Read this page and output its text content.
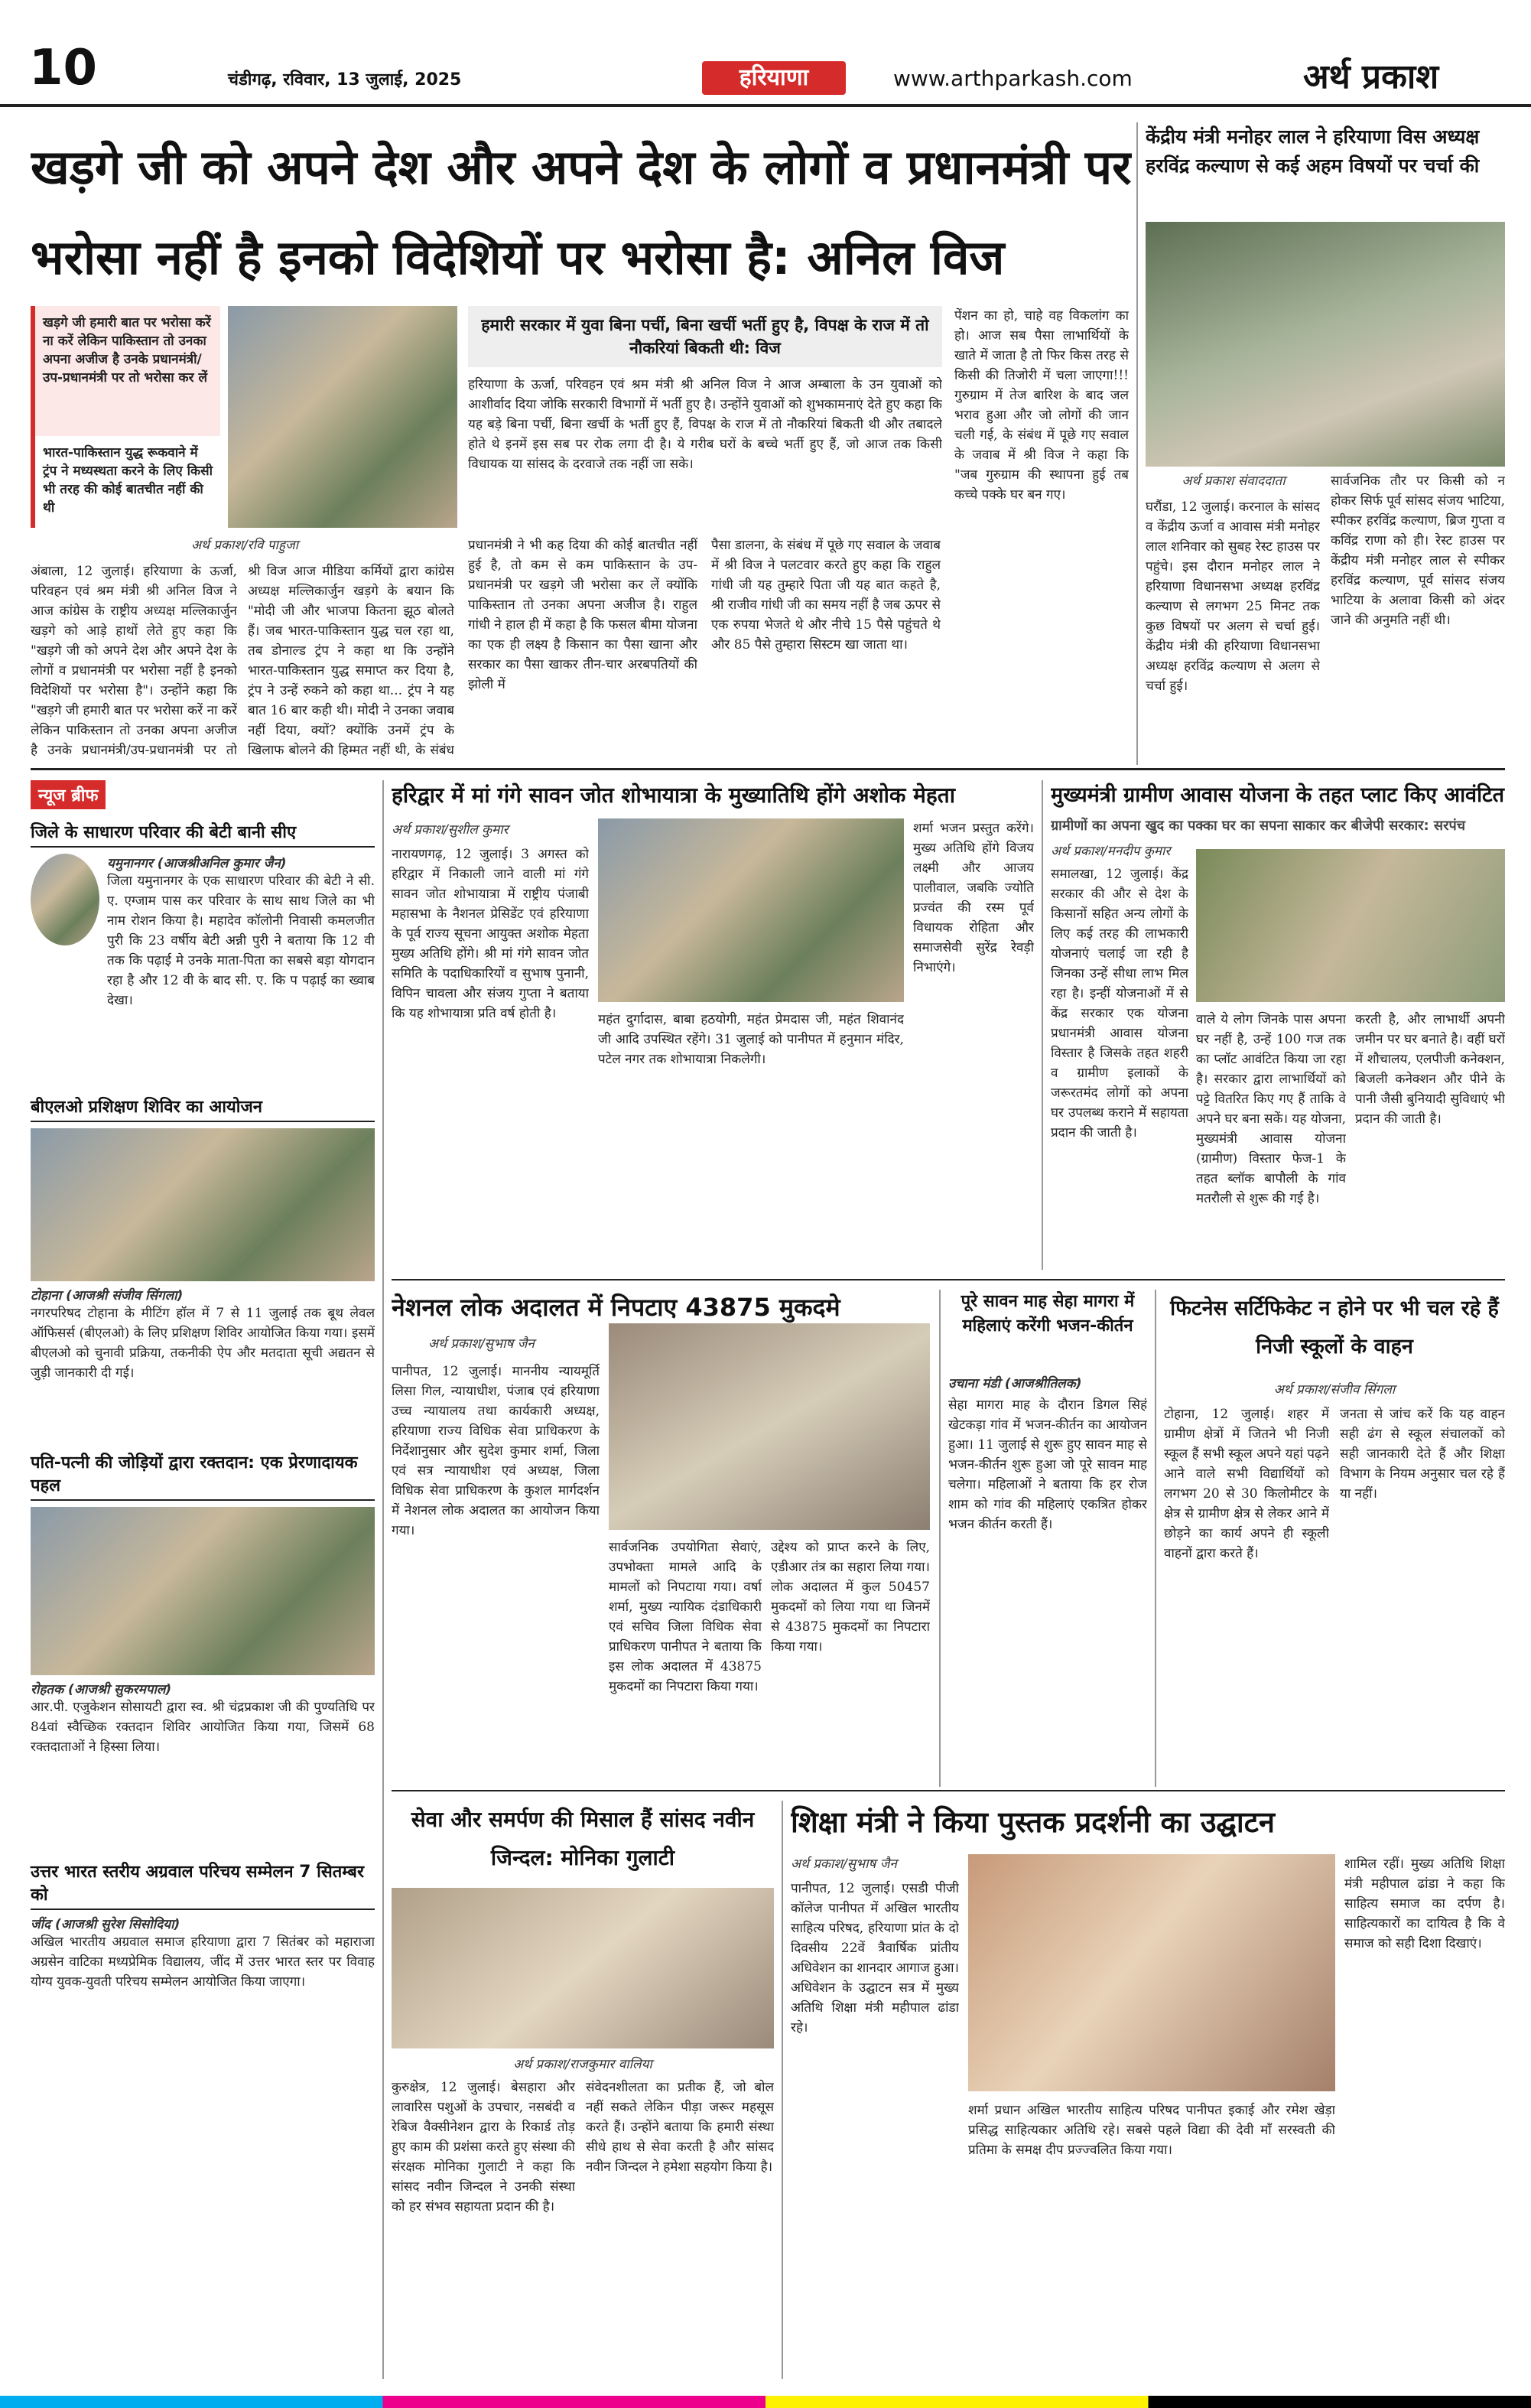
10	चंडीगढ़, रविवार, 13 जुलाई, 2025	हरियाणा	www.arthparkash.com	अर्थ प्रकाश
खड़गे जी को अपने देश और अपने देश के लोगों व प्रधानमंत्री पर भरोसा नहीं है इनको विदेशियों पर भरोसा है: अनिल विज
खड़गे जी हमारी बात पर भरोसा करें ना करें लेकिन पाकिस्तान तो उनका अपना अजीज है उनके प्रधानमंत्री/उप-प्रधानमंत्री पर तो भरोसा कर लें
भारत-पाकिस्तान युद्ध रूकवाने में ट्रंप ने मध्यस्थता करने के लिए किसी भी तरह की कोई बातचीत नहीं की थी
अर्थ प्रकाश/रवि पाहुजा
हमारी सरकार में युवा बिना पर्ची, बिना खर्ची भर्ती हुए है, विपक्ष के राज में तो नौकरियां बिकती थी: विज
हरियाणा के ऊर्जा, परिवहन एवं श्रम मंत्री श्री अनिल विज ने आज अम्बाला के उन युवाओं को आशीर्वाद दिया जोकि सरकारी विभागों में भर्ती हुए है। उन्होंने युवाओं को शुभकामनाएं देते हुए कहा कि यह बड़े बिना पर्ची, बिना खर्ची के भर्ती हुए हैं, विपक्ष के राज में तो नौकरियां बिकती थी और तबादले होते थे इनमें इस सब पर रोक लगा दी है। ये गरीब घरों के बच्चे भर्ती हुए हैं, जो आज तक किसी विधायक या सांसद के दरवाजे तक नहीं जा सके।
अंबाला, 12 जुलाई। हरियाणा के ऊर्जा, परिवहन एवं श्रम मंत्री श्री अनिल विज ने आज कांग्रेस के राष्ट्रीय अध्यक्ष मल्लिकार्जुन खड़गे को आड़े हाथों लेते हुए कहा कि "खड़गे जी को अपने देश और अपने देश के लोगों व प्रधानमंत्री पर भरोसा नहीं है इनको विदेशियों पर भरोसा है"। उन्होंने कहा कि "खड़गे जी हमारी बात पर भरोसा करें ना करें लेकिन पाकिस्तान तो उनका अपना अजीज है उनके प्रधानमंत्री/उप-प्रधानमंत्री पर तो
श्री विज आज मीडिया कर्मियों द्वारा कांग्रेस अध्यक्ष मल्लिकार्जुन खड़गे के बयान कि "मोदी जी और भाजपा कितना झूठ बोलते हैं। जब भारत-पाकिस्तान युद्ध चल रहा था, तब डोनाल्ड ट्रंप ने कहा था कि उन्होंने भारत-पाकिस्तान युद्ध समाप्त कर दिया है, ट्रंप ने उन्हें रुकने को कहा था... ट्रंप ने यह बात 16 बार कही थी। मोदी ने उनका जवाब नहीं दिया, क्यों? क्योंकि उनमें ट्रंप के खिलाफ बोलने की हिम्मत नहीं थी, के संबंध
प्रधानमंत्री ने भी कह दिया की कोई बातचीत नहीं हुई है, तो कम से कम पाकिस्तान के उप-प्रधानमंत्री पर खड़गे जी भरोसा कर लें क्योंकि पाकिस्तान तो उनका अपना अजीज है। राहुल गांधी ने हाल ही में कहा है कि फसल बीमा योजना का एक ही लक्ष्य है किसान का पैसा खाना और सरकार का पैसा खाकर तीन-चार अरबपतियों की झोली में
पैसा डालना, के संबंध में पूछे गए सवाल के जवाब में श्री विज ने पलटवार करते हुए कहा कि राहुल गांधी जी यह तुम्हारे पिता जी यह बात कहते है, श्री राजीव गांधी जी का समय नहीं है जब ऊपर से एक रुपया भेजते थे और नीचे 15 पैसे पहुंचते थे और 85 पैसे तुम्हारा सिस्टम खा जाता था।
पेंशन का हो, चाहे वह विकलांग का हो। आज सब पैसा लाभार्थियों के खाते में जाता है तो फिर किस तरह से किसी की तिजोरी में चला जाएगा!!! गुरुग्राम में तेज बारिश के बाद जल भराव हुआ और जो लोगों की जान चली गई, के संबंध में पूछे गए सवाल के जवाब में श्री विज ने कहा कि "जब गुरुग्राम की स्थापना हुई तब कच्चे पक्के घर बन गए।
केंद्रीय मंत्री मनोहर लाल ने हरियाणा विस अध्यक्ष हरविंद्र कल्याण से कई अहम विषयों पर चर्चा की
अर्थ प्रकाश संवाददाता
घरौंडा, 12 जुलाई। करनाल के सांसद व केंद्रीय ऊर्जा व आवास मंत्री मनोहर लाल शनिवार को सुबह रेस्ट हाउस पर पहुंचे। इस दौरान मनोहर लाल ने हरियाणा विधानसभा अध्यक्ष हरविंद्र कल्याण से लगभग 25 मिनट तक कुछ विषयों पर अलग से चर्चा हुई। केंद्रीय मंत्री की हरियाणा विधानसभा अध्यक्ष हरविंद्र कल्याण से अलग से चर्चा हुई।
सार्वजनिक तौर पर किसी को न होकर सिर्फ पूर्व सांसद संजय भाटिया, स्पीकर हरविंद्र कल्याण, ब्रिज गुप्ता व कविंद्र राणा को ही। रेस्ट हाउस पर केंद्रीय मंत्री मनोहर लाल से स्पीकर हरविंद्र कल्याण, पूर्व सांसद संजय भाटिया के अलावा किसी को अंदर जाने की अनुमति नहीं थी।
न्यूज ब्रीफ
जिले के साधारण परिवार की बेटी बानी सीए
यमुनानगर (आजश्रीअनिल कुमार जैन)
जिला यमुनानगर के एक साधारण परिवार की बेटी ने सी. ए. एग्जाम पास कर परिवार के साथ साथ जिले का भी नाम रोशन किया है। महादेव कॉलोनी निवासी कमलजीत पुरी कि 23 वर्षीय बेटी अन्नी पुरी ने बताया कि 12 वी तक कि पढ़ाई मे उनके माता-पिता का सबसे बड़ा योगदान रहा है और 12 वी के बाद सी. ए. कि प पढ़ाई का ख्वाब देखा।
बीएलओ प्रशिक्षण शिविर का आयोजन
टोहाना (आजश्री संजीव सिंगला)
नगरपरिषद टोहाना के मीटिंग हॉल में 7 से 11 जुलाई तक बूथ लेवल ऑफिसर्स (बीएलओ) के लिए प्रशिक्षण शिविर आयोजित किया गया। इसमें बीएलओ को चुनावी प्रक्रिया, तकनीकी ऐप और मतदाता सूची अद्यतन से जुड़ी जानकारी दी गई।
पति-पत्नी की जोड़ियों द्वारा रक्तदान: एक प्रेरणादायक पहल
रोहतक (आजश्री सुकरमपाल)
आर.पी. एजुकेशन सोसायटी द्वारा स्व. श्री चंद्रप्रकाश जी की पुण्यतिथि पर 84वां स्वैच्छिक रक्तदान शिविर आयोजित किया गया, जिसमें 68 रक्तदाताओं ने हिस्सा लिया।
उत्तर भारत स्तरीय अग्रवाल परिचय सम्मेलन 7 सितम्बर को
जींद (आजश्री सुरेश सिसोदिया)
अखिल भारतीय अग्रवाल समाज हरियाणा द्वारा 7 सितंबर को महाराजा अग्रसेन वाटिका मध्यप्रेमिक विद्यालय, जींद में उत्तर भारत स्तर पर विवाह योग्य युवक-युवती परिचय सम्मेलन आयोजित किया जाएगा।
हरिद्वार में मां गंगे सावन जोत शोभायात्रा के मुख्यातिथि होंगे अशोक मेहता
अर्थ प्रकाश/सुशील कुमार
नारायणगढ़, 12 जुलाई। 3 अगस्त को हरिद्वार में निकाली जाने वाली मां गंगे सावन जोत शोभायात्रा में राष्ट्रीय पंजाबी महासभा के नैशनल प्रेसिडेंट एवं हरियाणा के पूर्व राज्य सूचना आयुक्त अशोक मेहता मुख्य अतिथि होंगे। श्री मां गंगे सावन जोत समिति के पदाधिकारियों व सुभाष पुनानी, विपिन चावला और संजय गुप्ता ने बताया कि यह शोभायात्रा प्रति वर्ष होती है।	महंत दुर्गादास, बाबा हठयोगी, महंत प्रेमदास जी, महंत शिवानंद जी आदि उपस्थित रहेंगे। 31 जुलाई को पानीपत में हनुमान मंदिर, पटेल नगर तक शोभायात्रा निकलेगी।
शर्मा भजन प्रस्तुत करेंगे। मुख्य अतिथि होंगे विजय लक्ष्मी और आजय पालीवाल, जबकि ज्योति प्रज्वंत की रस्म पूर्व विधायक रोहिता और समाजसेवी सुरेंद्र रेवड़ी निभाएंगे।
मुख्यमंत्री ग्रामीण आवास योजना के तहत प्लाट किए आवंटित
ग्रामीणों का अपना खुद का पक्का घर का सपना साकार कर बीजेपी सरकार: सरपंच
अर्थ प्रकाश/मनदीप कुमार
समालखा, 12 जुलाई। केंद्र सरकार की और से देश के किसानों सहित अन्य लोगों के लिए कई तरह की लाभकारी योजनाएं चलाई जा रही है जिनका उन्हें सीधा लाभ मिल रहा है। इन्हीं योजनाओं में से केंद्र सरकार एक योजना प्रधानमंत्री आवास योजना विस्तार है जिसके तहत शहरी व ग्रामीण इलाकों के जरूरतमंद लोगों को अपना घर उपलब्ध कराने में सहायता प्रदान की जाती है।
वाले ये लोग जिनके पास अपना घर नहीं है, उन्हें 100 गज तक का प्लॉट आवंटित किया जा रहा है। सरकार द्वारा लाभार्थियों को पट्टे वितरित किए गए हैं ताकि वे अपने घर बना सकें। यह योजना, मुख्यमंत्री आवास योजना (ग्रामीण) विस्तार फेज-1 के तहत ब्लॉक बापौली के गांव मतरौली से शुरू की गई है।
करती है, और लाभार्थी अपनी जमीन पर घर बनाते है। वहीं घरों में शौचालय, एलपीजी कनेक्शन, बिजली कनेक्शन और पीने के पानी जैसी बुनियादी सुविधाएं भी प्रदान की जाती है।
नेशनल लोक अदालत में निपटाए 43875 मुकदमे
अर्थ प्रकाश/सुभाष जैन
पानीपत, 12 जुलाई। माननीय न्यायमूर्ति लिसा गिल, न्यायाधीश, पंजाब एवं हरियाणा उच्च न्यायालय तथा कार्यकारी अध्यक्ष, हरियाणा राज्य विधिक सेवा प्राधिकरण के निर्देशानुसार और सुदेश कुमार शर्मा, जिला एवं सत्र न्यायाधीश एवं अध्यक्ष, जिला विधिक सेवा प्राधिकरण के कुशल मार्गदर्शन में नेशनल लोक अदालत का आयोजन किया गया।
सार्वजनिक उपयोगिता सेवाएं, उपभोक्ता मामले आदि के मामलों को निपटाया गया। वर्षा शर्मा, मुख्य न्यायिक दंडाधिकारी एवं सचिव जिला विधिक सेवा प्राधिकरण पानीपत ने बताया कि इस लोक अदालत में 43875 मुकदमों का निपटारा किया गया।
उद्देश्य को प्राप्त करने के लिए, एडीआर तंत्र का सहारा लिया गया। लोक अदालत में कुल 50457 मुकदमों को लिया गया था जिनमें से 43875 मुकदमों का निपटारा किया गया।
पूरे सावन माह सेहा मागरा में महिलाएं करेंगी भजन-कीर्तन
उचाना मंडी (आजश्रीतिलक)
सेहा मागरा माह के दौरान डिगल सिहं खेटकड़ा गांव में भजन-कीर्तन का आयोजन हुआ। 11 जुलाई से शुरू हुए सावन माह से भजन-कीर्तन शुरू हुआ जो पूरे सावन माह चलेगा। महिलाओं ने बताया कि हर रोज शाम को गांव की महिलाएं एकत्रित होकर भजन कीर्तन करती हैं।
फिटनेस सर्टिफिकेट न होने पर भी चल रहे हैं निजी स्कूलों के वाहन
अर्थ प्रकाश/संजीव सिंगला
टोहाना, 12 जुलाई। शहर में ग्रामीण क्षेत्रों में जितने भी निजी स्कूल हैं सभी स्कूल अपने यहां पढ़ने आने वाले सभी विद्यार्थियों को लगभग 20 से 30 किलोमीटर के क्षेत्र से ग्रामीण क्षेत्र से लेकर आने में छोड़ने का कार्य अपने ही स्कूली वाहनों द्वारा करते हैं।
जनता से जांच करें कि यह वाहन सही ढंग से स्कूल संचालकों को सही जानकारी देते हैं और शिक्षा विभाग के नियम अनुसार चल रहे हैं या नहीं।
सेवा और समर्पण की मिसाल हैं सांसद नवीन जिन्दल: मोनिका गुलाटी
अर्थ प्रकाश/राजकुमार वालिया
कुरुक्षेत्र, 12 जुलाई। बेसहारा और लावारिस पशुओं के उपचार, नसबंदी व रेबिज वैक्सीनेशन द्वारा के रिकार्ड तोड़ हुए काम की प्रशंसा करते हुए संस्था की संरक्षक मोनिका गुलाटी ने कहा कि सांसद नवीन जिन्दल ने उनकी संस्था को हर संभव सहायता प्रदान की है।
संवेदनशीलता का प्रतीक हैं, जो बोल नहीं सकते लेकिन पीड़ा जरूर महसूस करते हैं। उन्होंने बताया कि हमारी संस्था सीधे हाथ से सेवा करती है और सांसद नवीन जिन्दल ने हमेशा सहयोग किया है।
शिक्षा मंत्री ने किया पुस्तक प्रदर्शनी का उद्घाटन
अर्थ प्रकाश/सुभाष जैन
पानीपत, 12 जुलाई। एसडी पीजी कॉलेज पानीपत में अखिल भारतीय साहित्य परिषद, हरियाणा प्रांत के दो दिवसीय 22वें त्रैवार्षिक प्रांतीय अधिवेशन का शानदार आगाज हुआ। अधिवेशन के उद्घाटन सत्र में मुख्य अतिथि शिक्षा मंत्री महीपाल ढांडा रहे।
शर्मा प्रधान अखिल भारतीय साहित्य परिषद पानीपत इकाई और रमेश खेड़ा प्रसिद्ध साहित्यकार अतिथि रहे। सबसे पहले विद्या की देवी माँ सरस्वती की प्रतिमा के समक्ष दीप प्रज्ज्वलित किया गया।
शामिल रहीं। मुख्य अतिथि शिक्षा मंत्री महीपाल ढांडा ने कहा कि साहित्य समाज का दर्पण है। साहित्यकारों का दायित्व है कि वे समाज को सही दिशा दिखाएं।
